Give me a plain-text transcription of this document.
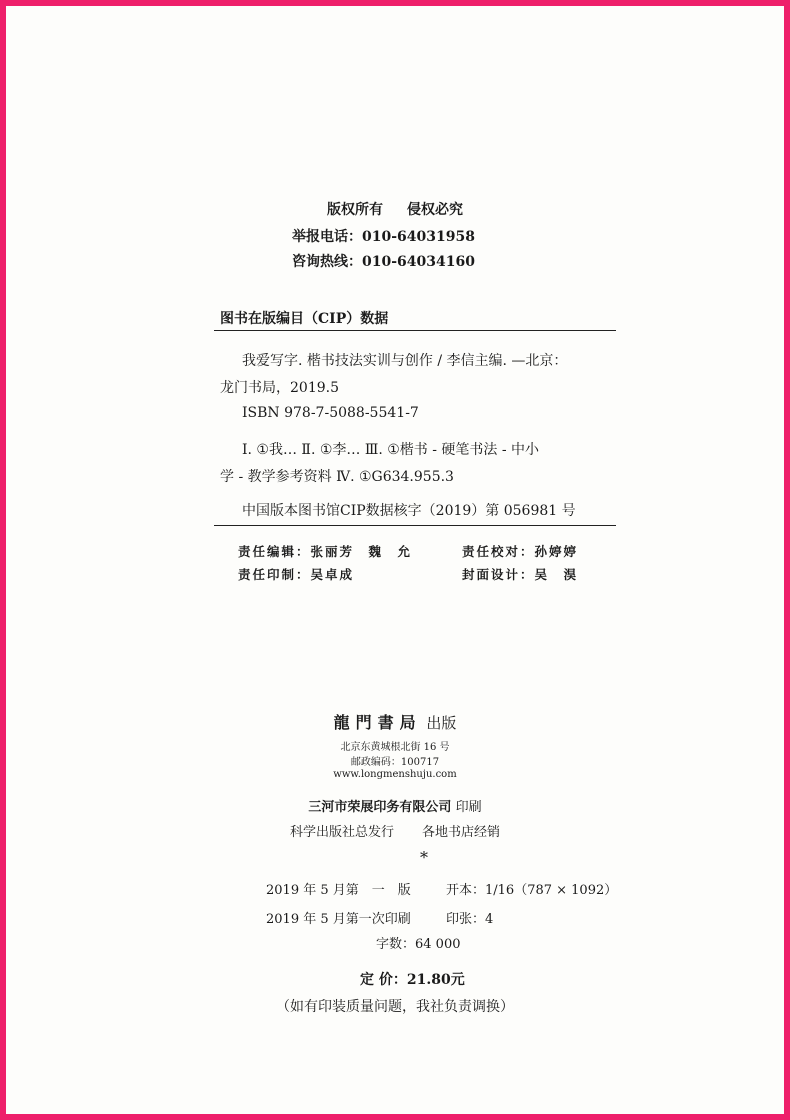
版权所有 侵权必究
举报电话：010-64031958
咨询热线：010-64034160
图书在版编目（CIP）数据
我爱写字. 楷书技法实训与创作 / 李信主编. —北京：
龙门书局，2019.5
ISBN 978-7-5088-5541-7
Ⅰ. ①我… Ⅱ. ①李… Ⅲ. ①楷书 - 硬笔书法 - 中小
学 - 教学参考资料 Ⅳ. ①G634.955.3
中国版本图书馆CIP数据核字（2019）第 056981 号
责任编辑：张丽芳　魏　允	责任校对：孙婷婷
责任印制：吴卓成	封面设计：吴　淏
龍門書局 出版
北京东黄城根北街 16 号
邮政编码：100717
www.longmenshuju.com
三河市荣展印务有限公司 印刷
科学出版社总发行 各地书店经销
*
2019 年 5 月第　一　版	开本：1/16（787 × 1092）
2019 年 5 月第一次印刷	印张：4
字数：64 000
定 价：21.80元
（如有印装质量问题，我社负责调换）
